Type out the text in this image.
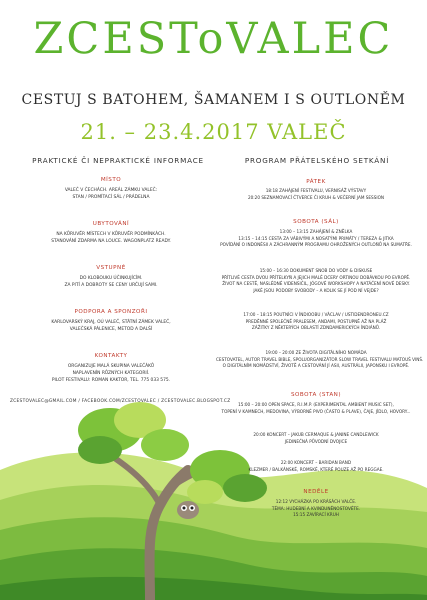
ZCESToVALEC
CESTUJ S BATOHEM, ŠAMANEM I S OUTLONĚM
21. – 23.4.2017 VALEČ
PRAKTICKÉ ČI NEPRAKTICKÉ INFORMACE	PROGRAM PŘÁTELSKÉHO SETKÁNÍ
MÍSTO
VALEČ V ČECHÁCH. AREÁL ZÁMKU VALEČ:
STAN / PROMÍTACÍ SÁL / PRÁDELNA
UBYTOVÁNÍ
NA KŮRUVĚR MÍSTECH V KŮRUVĚR PODMÍNKÁCH.
STANOVÁNÍ ZDARMA NA LOUCE. WAGONPLATZ READY.
VSTUPNÉ
DO KLOBOUKU ÚČINKUJÍCÍM.
ZA PITÍ A DOBROTY SE CENY URČUJÍ SAMI.
PODPORA A SPONZOŘI
KARLOVARSKÝ KRAJ, OÚ VALEČ, STÁTNÍ ZÁMEK VALEČ,
VALEČSKÁ PÁLENICE, METOD A DALŠÍ
KONTAKTY
ORGANIZUJE MALÁ SKUPINA VALEČÁKŮ
NAPLAVENÍN RŮZNÝCH KATEGORIÍ.
PILOT FESTIVALU: ROMAN KAKTOR, TEL. 775 033 575.
ZCESTOVALEC@GMAIL.COM / FACEBOOK.COM/ZCESTOVALEC / ZCESTOVALEC.BLOGSPOT.CZ
PÁTEK
18:18 ZAHÁJENÍ FESTIVALU, VERNISÁŽ VÝSTAVY
20:20 SEZNAMOVACÍ ČTVERCE ČI KRUH & VEČERNÍ JAM SESSION
SOBOTA (SÁL)
13:00 – 13:15 ZAHÁJENÍ & ZNĚLKA
13:15 – 14:15 CESTA ZA VÁBIVÝMI A NOSATÝMI PRIMÁTY / TEREZA & JITKA
POVÍDÁNÍ O INDONÉSII A ZÁCHRANNÝM PROGRAMU OHROŽENÝCH OUTLOŇŮ NA SUMATŘE.
15:00 – 16:30 DOKUMENT SNOB DO VODY & DISKUSE
PŘÍTLIVÉ CESTA DVOU PŘÍTELKYŇ A JEJICH MALÉ DCERY ORTINOU DOBÁVKOU PO EVROPĚ.
ŽIVOT NA CESTĚ, NASLÉDNÉ VIDENSIČIL, JÓGOVÉ WORKSHOPY A NATÁČENÍ NOVÉ DESKY.
JAKÉ JSOU PODOBY SVOBODY – A KOLIK SE JÍ POD NÍ VEJDE?
17:00 – 18:15 POUTNÍCI V ÍNDIOOBU / VÁCLAV / USTIDENDRONEU.CZ
PREDĚNNÉ SPOLEČNĚ PRALESEM, ANDAMI, POSTUPNĚ AŽ NA PLÁŽ
ZÁŽITKY Z NĚKTERÝCH OBLASTÍ ZDNDAMERICKÝCH ÍNDIÁNŮ.
19:00 – 20:00 ZE ŽIVOTA DIGITÁLNÍHO NOMÁDA
CESTOVATEL, AUTOR TRAVEL BIBLE, SPOLUORGANIZÁTOR SLOW TRAVEL FESTIVALU MATOUŠ VINŠ.
O DIGITÁLNÍM NOMÁDSTVÍ, ŽIVOTĚ A CESTOVÁNÍ JÍ ASII, AUSTRÁLII, JAPONSKU I EVROPĚ.
SOBOTA (STAN)
15:00 – 20:00 OPEN SPACE, R.I.M.P. (EXPERIMENTAL AMBIENT MUSIC SET),
TOPENÍ V KAMNECH, MEDOVINA, VÝBORNÉ PIVO (ČASTO & PLAVE), ČAJE, JÍDLO, HOVORY...
20:00 KONCERT – JAKUB CERMAQUE & JANINE CANDLEWICK
JEDINEČNÁ PŮVODNÍ DVOJICE
22:00 KONCERT – BARIDAN BAND
KLEZMER / BALKÁNSKÉ, ROMSKÉ, KTERÉ POUZE AŽ PO REGGAE.
NEDĚLE
12:12 VYCHÁZKA PO KRÁSÁCH VALČE.
TÉMA: HUDEBNÍ A KVINDUNĚNOSTOVÉTE.
15:15 ZAVÍRACÍ KRUH
